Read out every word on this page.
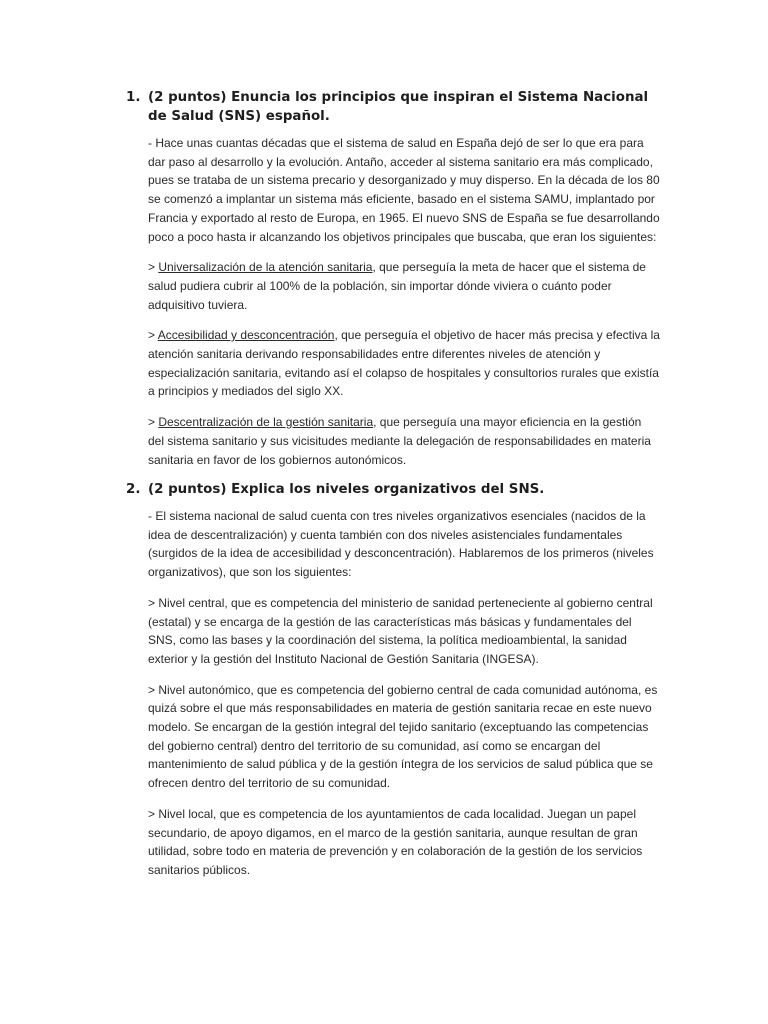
1. (2 puntos) Enuncia los principios que inspiran el Sistema Nacional de Salud (SNS) español.

- Hace unas cuantas décadas que el sistema de salud en España dejó de ser lo que era para dar paso al desarrollo y la evolución. Antaño, acceder al sistema sanitario era más complicado, pues se trataba de un sistema precario y desorganizado y muy disperso. En la década de los 80 se comenzó a implantar un sistema más eficiente, basado en el sistema SAMU, implantado por Francia y exportado al resto de Europa, en 1965. El nuevo SNS de España se fue desarrollando poco a poco hasta ir alcanzando los objetivos principales que buscaba, que eran los siguientes:

> Universalización de la atención sanitaria, que perseguía la meta de hacer que el sistema de salud pudiera cubrir al 100% de la población, sin importar dónde viviera o cuánto poder adquisitivo tuviera.

> Accesibilidad y desconcentración, que perseguía el objetivo de hacer más precisa y efectiva la atención sanitaria derivando responsabilidades entre diferentes niveles de atención y especialización sanitaria, evitando así el colapso de hospitales y consultorios rurales que existía a principios y mediados del siglo XX.

> Descentralización de la gestión sanitaria, que perseguía una mayor eficiencia en la gestión del sistema sanitario y sus vicisitudes mediante la delegación de responsabilidades en materia sanitaria en favor de los gobiernos autonómicos.

2. (2 puntos) Explica los niveles organizativos del SNS.

- El sistema nacional de salud cuenta con tres niveles organizativos esenciales (nacidos de la idea de descentralización) y cuenta también con dos niveles asistenciales fundamentales (surgidos de la idea de accesibilidad y desconcentración). Hablaremos de los primeros (niveles organizativos), que son los siguientes:

> Nivel central, que es competencia del ministerio de sanidad perteneciente al gobierno central (estatal) y se encarga de la gestión de las características más básicas y fundamentales del SNS, como las bases y la coordinación del sistema, la política medioambiental, la sanidad exterior y la gestión del Instituto Nacional de Gestión Sanitaria (INGESA).

> Nivel autonómico, que es competencia del gobierno central de cada comunidad autónoma, es quizá sobre el que más responsabilidades en materia de gestión sanitaria recae en este nuevo modelo. Se encargan de la gestión integral del tejido sanitario (exceptuando las competencias del gobierno central) dentro del territorio de su comunidad, así como se encargan del mantenimiento de salud pública y de la gestión íntegra de los servicios de salud pública que se ofrecen dentro del territorio de su comunidad.

> Nivel local, que es competencia de los ayuntamientos de cada localidad. Juegan un papel secundario, de apoyo digamos, en el marco de la gestión sanitaria, aunque resultan de gran utilidad, sobre todo en materia de prevención y en colaboración de la gestión de los servicios sanitarios públicos.
